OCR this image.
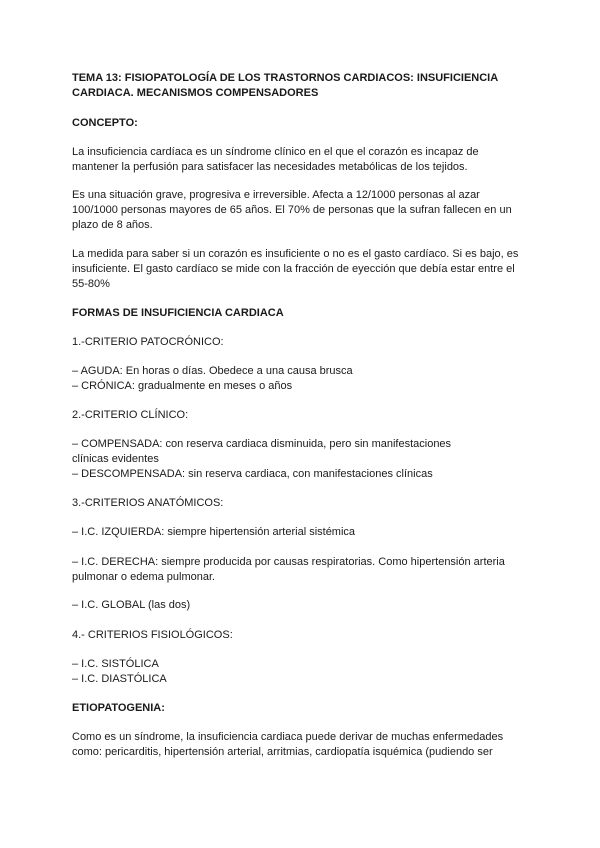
TEMA 13: FISIOPATOLOGÍA DE LOS TRASTORNOS CARDIACOS: INSUFICIENCIA
CARDIACA. MECANISMOS COMPENSADORES
CONCEPTO:
La insuficiencia cardíaca es un síndrome clínico en el que el corazón es incapaz de
mantener la perfusión para satisfacer las necesidades metabólicas de los tejidos.
Es una situación grave, progresiva e irreversible. Afecta a 12/1000 personas al azar
100/1000 personas mayores de 65 años. El 70% de personas que la sufran fallecen en un
plazo de 8 años.
La medida para saber si un corazón es insuficiente o no es el gasto cardíaco. Si es bajo, es
insuficiente. El gasto cardíaco se mide con la fracción de eyección que debía estar entre el
55-80%
FORMAS DE INSUFICIENCIA CARDIACA
1.-CRITERIO PATOCRÓNICO:
– AGUDA: En horas o días. Obedece a una causa brusca
– CRÓNICA: gradualmente en meses o años
2.-CRITERIO CLÍNICO:
– COMPENSADA: con reserva cardiaca disminuida, pero sin manifestaciones
clínicas evidentes
– DESCOMPENSADA: sin reserva cardiaca, con manifestaciones clínicas
3.-CRITERIOS ANATÓMICOS:
– I.C. IZQUIERDA: siempre hipertensión arterial sistémica
– I.C. DERECHA: siempre producida por causas respiratorias. Como hipertensión arteria
pulmonar o edema pulmonar.
– I.C. GLOBAL (las dos)
4.- CRITERIOS FISIOLÓGICOS:
– I.C. SISTÓLICA
– I.C. DIASTÓLICA
ETIOPATOGENIA:
Como es un síndrome, la insuficiencia cardiaca puede derivar de muchas enfermedades
como: pericarditis, hipertensión arterial, arritmias, cardiopatía isquémica (pudiendo ser
